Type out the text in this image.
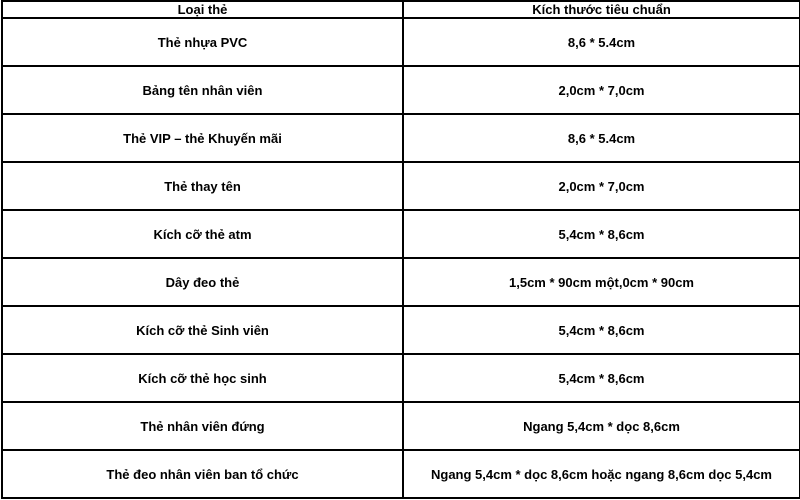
Loại thẻ	Kích thước tiêu chuẩn
Thẻ nhựa PVC	8,6 * 5.4cm
Bảng tên nhân viên	2,0cm * 7,0cm
Thẻ VIP – thẻ Khuyến mãi	8,6 * 5.4cm
Thẻ thay tên	2,0cm * 7,0cm
Kích cỡ thẻ atm	5,4cm * 8,6cm
Dây đeo thẻ	1,5cm * 90cm một,0cm * 90cm
Kích cỡ thẻ Sinh viên	5,4cm * 8,6cm
Kích cỡ thẻ học sinh	5,4cm * 8,6cm
Thẻ nhân viên đứng	Ngang 5,4cm * dọc 8,6cm
Thẻ đeo nhân viên ban tổ chức	Ngang 5,4cm * dọc 8,6cm hoặc ngang 8,6cm dọc 5,4cm
